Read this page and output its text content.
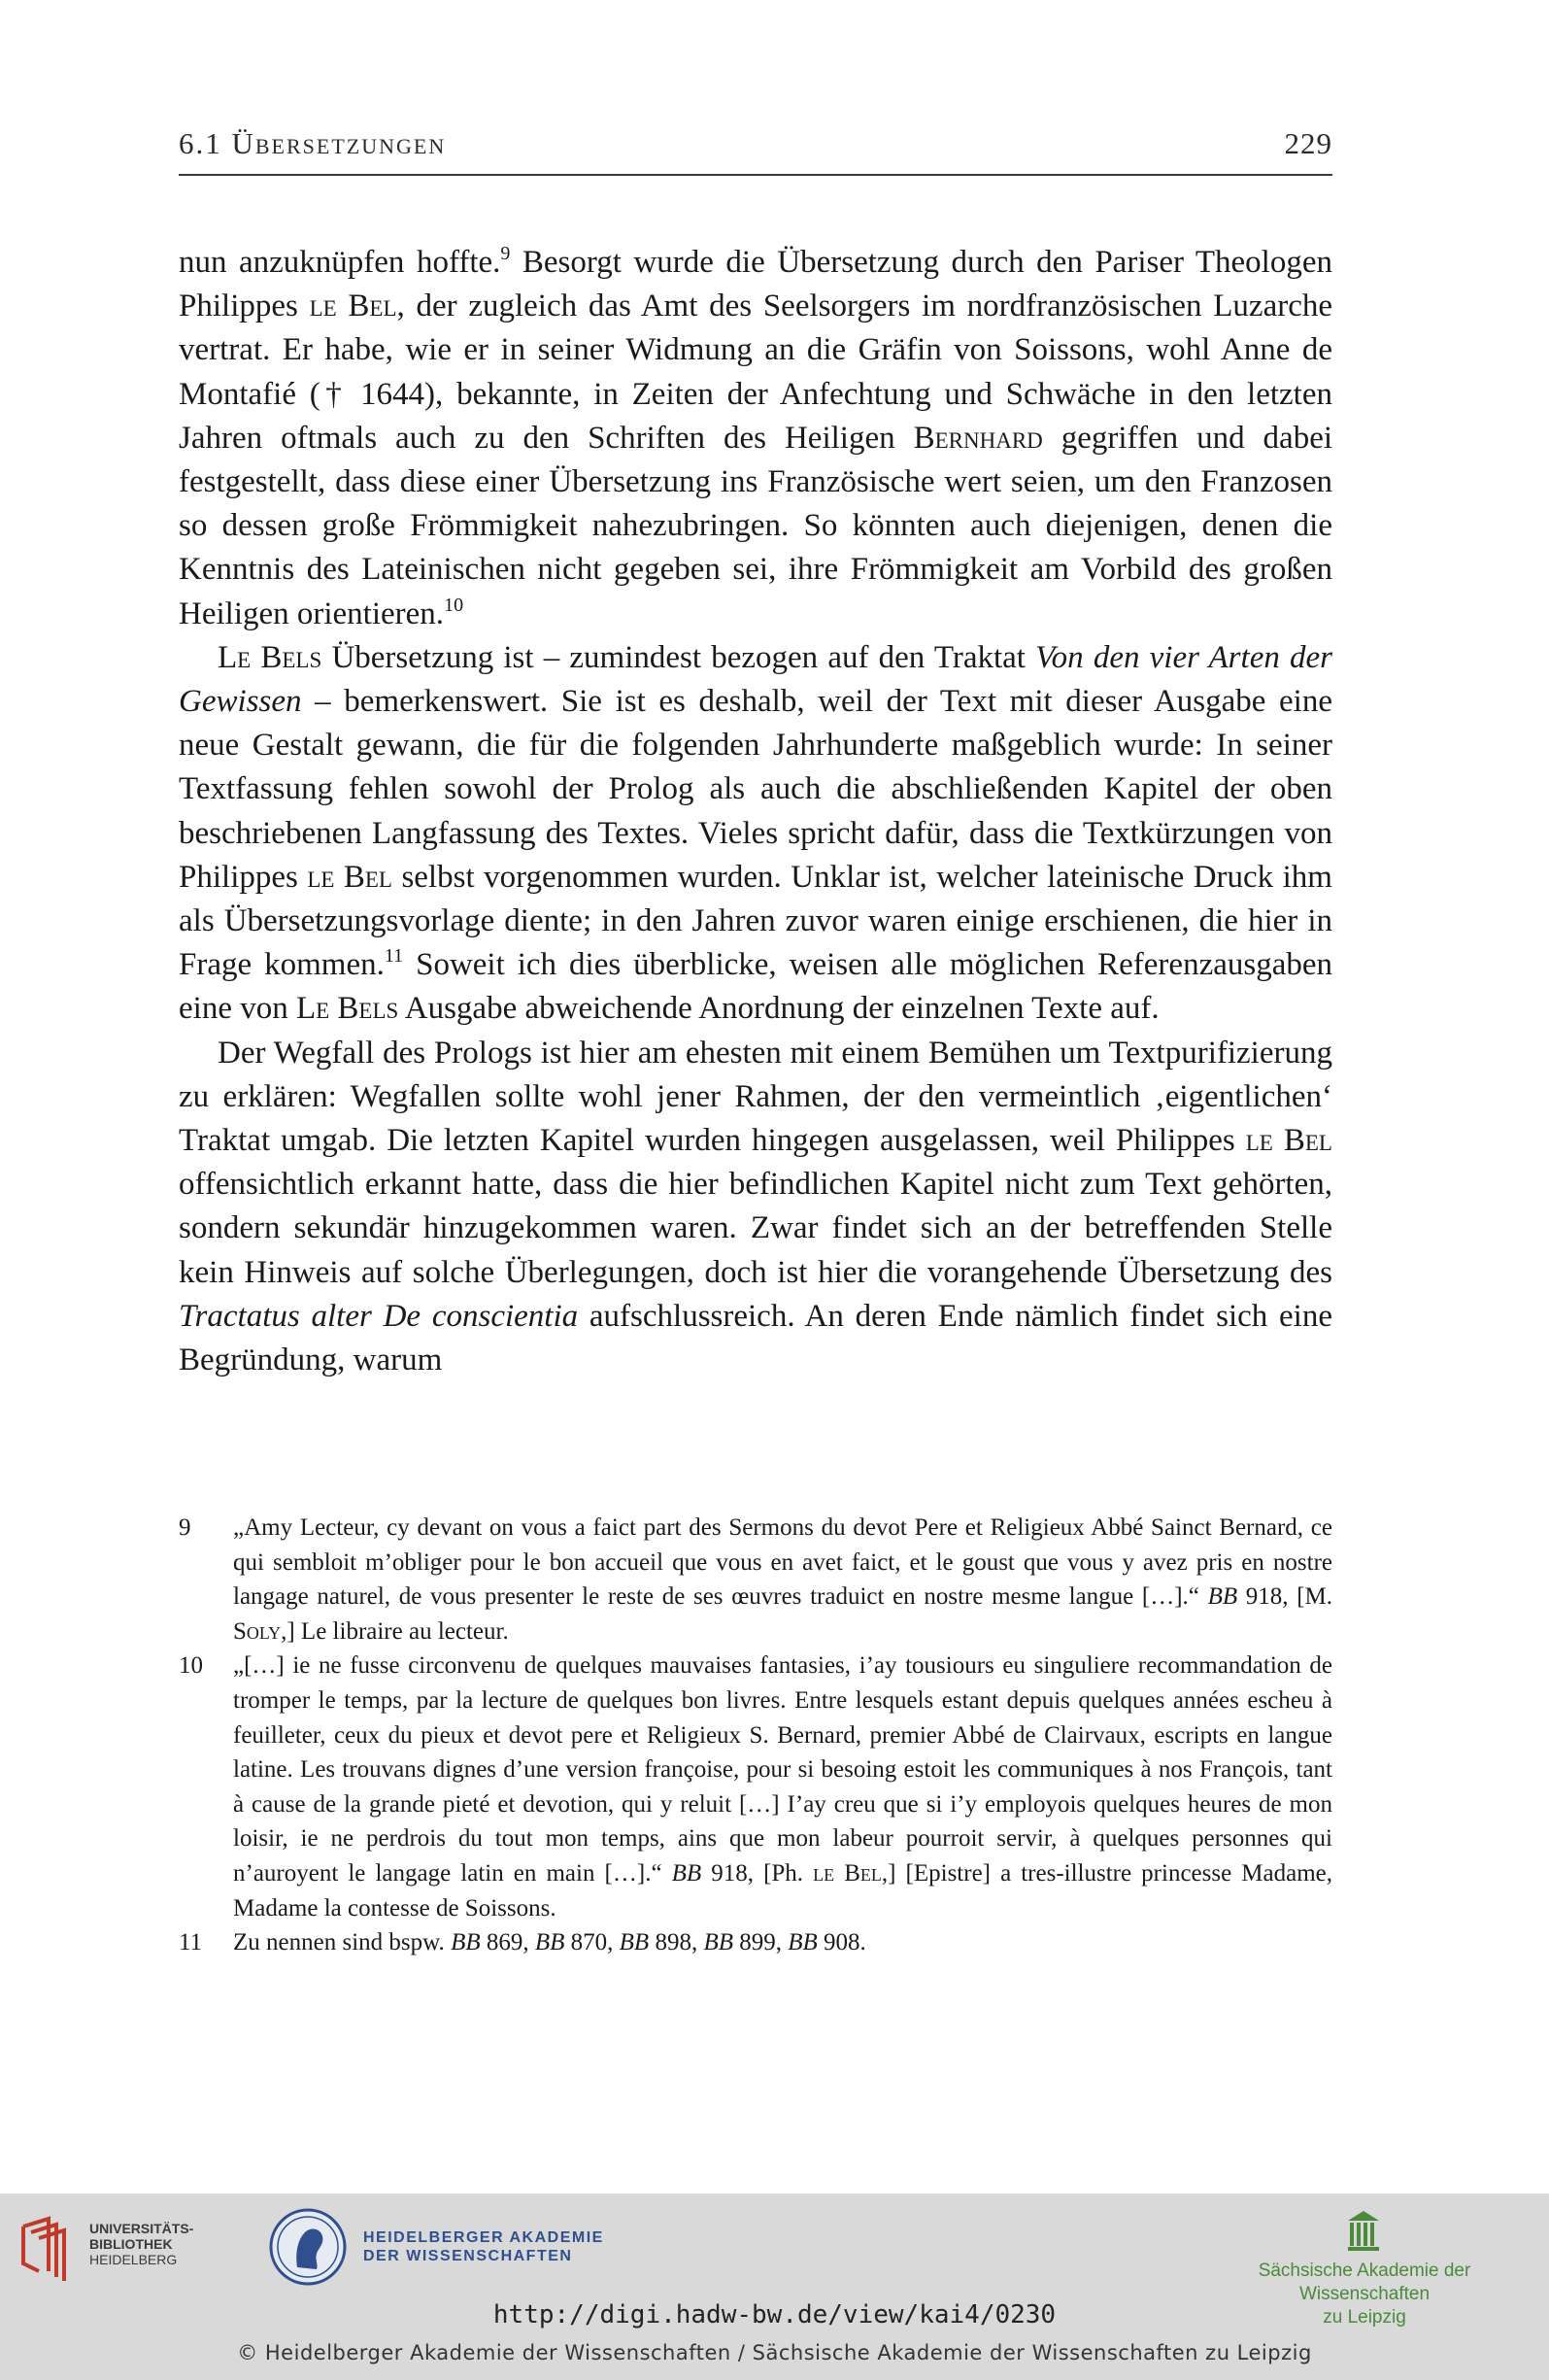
6.1 Übersetzungen	229

nun anzuknüpfen hoffte.$^9$ Besorgt wurde die Übersetzung durch den Pariser Theologen Philippes le Bel, der zugleich das Amt des Seelsorgers im nordfranzösischen Luzarche vertrat. Er habe, wie er in seiner Widmung an die Gräfin von Soissons, wohl Anne de Montafié († 1644), bekannte, in Zeiten der Anfechtung und Schwäche in den letzten Jahren oftmals auch zu den Schriften des Heiligen Bernhard gegriffen und dabei festgestellt, dass diese einer Übersetzung ins Französische wert seien, um den Franzosen so dessen große Frömmigkeit nahezubringen. So könnten auch diejenigen, denen die Kenntnis des Lateinischen nicht gegeben sei, ihre Frömmigkeit am Vorbild des großen Heiligen orientieren.$^{10}$

Le Bels Übersetzung ist – zumindest bezogen auf den Traktat Von den vier Arten der Gewissen – bemerkenswert. Sie ist es deshalb, weil der Text mit dieser Ausgabe eine neue Gestalt gewann, die für die folgenden Jahrhunderte maßgeblich wurde: In seiner Textfassung fehlen sowohl der Prolog als auch die abschließenden Kapitel der oben beschriebenen Langfassung des Textes. Vieles spricht dafür, dass die Textkürzungen von Philippes le Bel selbst vorgenommen wurden. Unklar ist, welcher lateinische Druck ihm als Übersetzungsvorlage diente; in den Jahren zuvor waren einige erschienen, die hier in Frage kommen.$^{11}$ Soweit ich dies überblicke, weisen alle möglichen Referenzausgaben eine von Le Bels Ausgabe abweichende Anordnung der einzelnen Texte auf.

Der Wegfall des Prologs ist hier am ehesten mit einem Bemühen um Textpurifizierung zu erklären: Wegfallen sollte wohl jener Rahmen, der den vermeintlich ‚eigentlichen‘ Traktat umgab. Die letzten Kapitel wurden hingegen ausgelassen, weil Philippes le Bel offensichtlich erkannt hatte, dass die hier befindlichen Kapitel nicht zum Text gehörten, sondern sekundär hinzugekommen waren. Zwar findet sich an der betreffenden Stelle kein Hinweis auf solche Überlegungen, doch ist hier die vorangehende Übersetzung des Tractatus alter De conscientia aufschlussreich. An deren Ende nämlich findet sich eine Begründung, warum

9	„Amy Lecteur, cy devant on vous a faict part des Sermons du devot Pere et Religieux Abbé Sainct Bernard, ce qui sembloit m’obliger pour le bon accueil que vous en avet faict, et le goust que vous y avez pris en nostre langage naturel, de vous presenter le reste de ses œuvres traduict en nostre mesme langue […].“ BB 918, [M. Soly,] Le libraire au lecteur.
10	„[…] ie ne fusse circonvenu de quelques mauvaises fantasies, i’ay tousiours eu singuliere recommandation de tromper le temps, par la lecture de quelques bon livres. Entre lesquels estant depuis quelques années escheu à feuilleter, ceux du pieux et devot pere et Religieux S. Bernard, premier Abbé de Clairvaux, escripts en langue latine. Les trouvans dignes d’une version françoise, pour si besoing estoit les communiques à nos François, tant à cause de la grande pieté et devotion, qui y reluit […] I’ay creu que si i’y employois quelques heures de mon loisir, ie ne perdrois du tout mon temps, ains que mon labeur pourroit servir, à quelques personnes qui n’auroyent le langage latin en main […].“ BB 918, [Ph. le Bel,] [Epistre] a tres-illustre princesse Madame, Madame la contesse de Soissons.
11	Zu nennen sind bspw. BB 869, BB 870, BB 898, BB 899, BB 908.
UNIVERSITÄTS-
BIBLIOTHEK
HEIDELBERG
HEIDELBERGER AKADEMIE
DER WISSENSCHAFTEN
Sächsische Akademie der Wissenschaften
zu Leipzig
http://digi.hadw-bw.de/view/kai4/0230
© Heidelberger Akademie der Wissenschaften / Sächsische Akademie der Wissenschaften zu Leipzig
